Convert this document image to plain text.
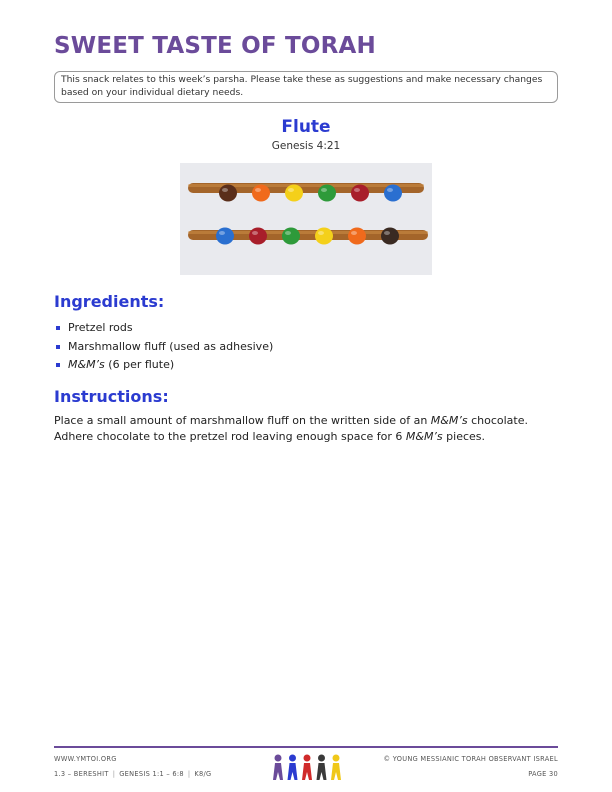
SWEET TASTE OF TORAH
This snack relates to this week’s parsha. Please take these as suggestions and make necessary changes based on your individual dietary needs.
Flute
Genesis 4:21
Ingredients:
Pretzel rods
Marshmallow fluff (used as adhesive)
M&M’s (6 per flute)
Instructions:
Place a small amount of marshmallow fluff on the written side of an M&M’s chocolate.
Adhere chocolate to the pretzel rod leaving enough space for 6 M&M’s pieces.
WWW.YMTOI.ORG
1.3 – BERESHIT | GENESIS 1:1 – 6:8 | K8/G
© YOUNG MESSIANIC TORAH OBSERVANT ISRAEL
PAGE 30
